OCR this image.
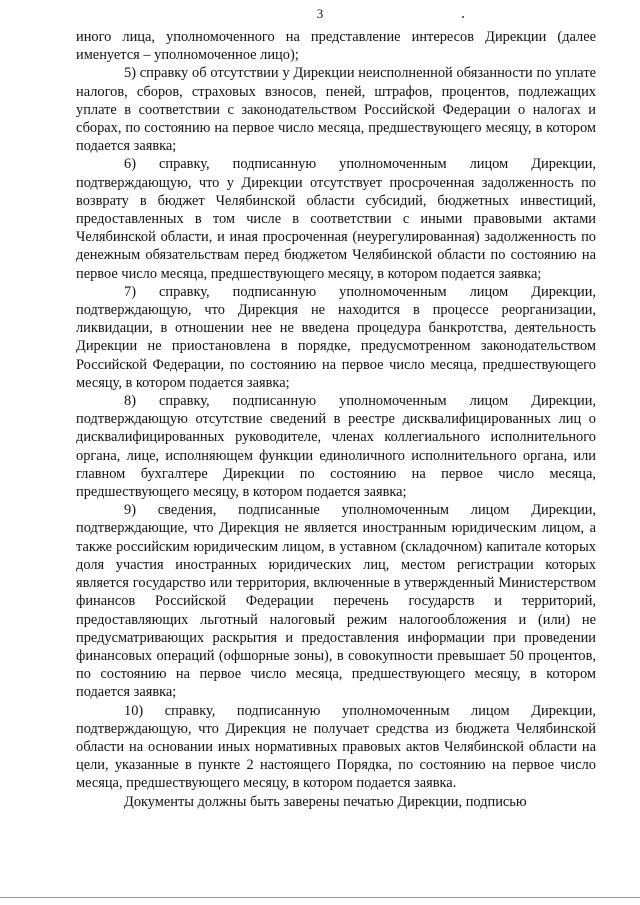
3

иного лица, уполномоченного на представление интересов Дирекции (далее именуется – уполномоченное лицо);

5) справку об отсутствии у Дирекции неисполненной обязанности по уплате налогов, сборов, страховых взносов, пеней, штрафов, процентов, подлежащих уплате в соответствии с законодательством Российской Федерации о налогах и сборах, по состоянию на первое число месяца, предшествующего месяцу, в котором подается заявка;

6) справку, подписанную уполномоченным лицом Дирекции, подтверждающую, что у Дирекции отсутствует просроченная задолженность по возврату в бюджет Челябинской области субсидий, бюджетных инвестиций, предоставленных в том числе в соответствии с иными правовыми актами Челябинской области, и иная просроченная (неурегулированная) задолженность по денежным обязательствам перед бюджетом Челябинской области по состоянию на первое число месяца, предшествующего месяцу, в котором подается заявка;

7) справку, подписанную уполномоченным лицом Дирекции, подтверждающую, что Дирекция не находится в процессе реорганизации, ликвидации, в отношении нее не введена процедура банкротства, деятельность Дирекции не приостановлена в порядке, предусмотренном законодательством Российской Федерации, по состоянию на первое число месяца, предшествующего месяцу, в котором подается заявка;

8) справку, подписанную уполномоченным лицом Дирекции, подтверждающую отсутствие сведений в реестре дисквалифицированных лиц о дисквалифицированных руководителе, членах коллегиального исполнительного органа, лице, исполняющем функции единоличного исполнительного органа, или главном бухгалтере Дирекции по состоянию на первое число месяца, предшествующего месяцу, в котором подается заявка;

9) сведения, подписанные уполномоченным лицом Дирекции, подтверждающие, что Дирекция не является иностранным юридическим лицом, а также российским юридическим лицом, в уставном (складочном) капитале которых доля участия иностранных юридических лиц, местом регистрации которых является государство или территория, включенные в утвержденный Министерством финансов Российской Федерации перечень государств и территорий, предоставляющих льготный налоговый режим налогообложения и (или) не предусматривающих раскрытия и предоставления информации при проведении финансовых операций (офшорные зоны), в совокупности превышает 50 процентов, по состоянию на первое число месяца, предшествующего месяцу, в котором подается заявка;

10) справку, подписанную уполномоченным лицом Дирекции, подтверждающую, что Дирекция не получает средства из бюджета Челябинской области на основании иных нормативных правовых актов Челябинской области на цели, указанные в пункте 2 настоящего Порядка, по состоянию на первое число месяца, предшествующего месяцу, в котором подается заявка.

Документы должны быть заверены печатью Дирекции, подписью
